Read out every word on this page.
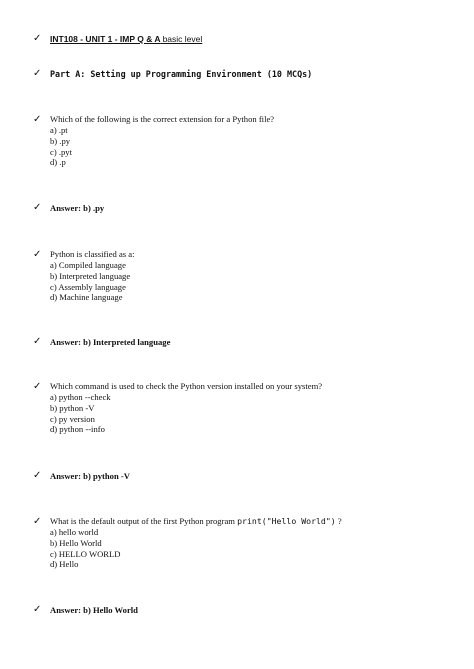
✓ INT108 - UNIT 1 - IMP Q & A basic level
✓ Part A: Setting up Programming Environment (10 MCQs)
✓ Which of the following is the correct extension for a Python file?
a) .pt
b) .py
c) .pyt
d) .p
✓ Answer: b) .py
✓ Python is classified as a:
a) Compiled language
b) Interpreted language
c) Assembly language
d) Machine language
✓ Answer: b) Interpreted language
✓ Which command is used to check the Python version installed on your system?
a) python --check
b) python -V
c) py version
d) python --info
✓ Answer: b) python -V
✓ What is the default output of the first Python program print("Hello World") ?
a) hello world
b) Hello World
c) HELLO WORLD
d) Hello
✓ Answer: b) Hello World
